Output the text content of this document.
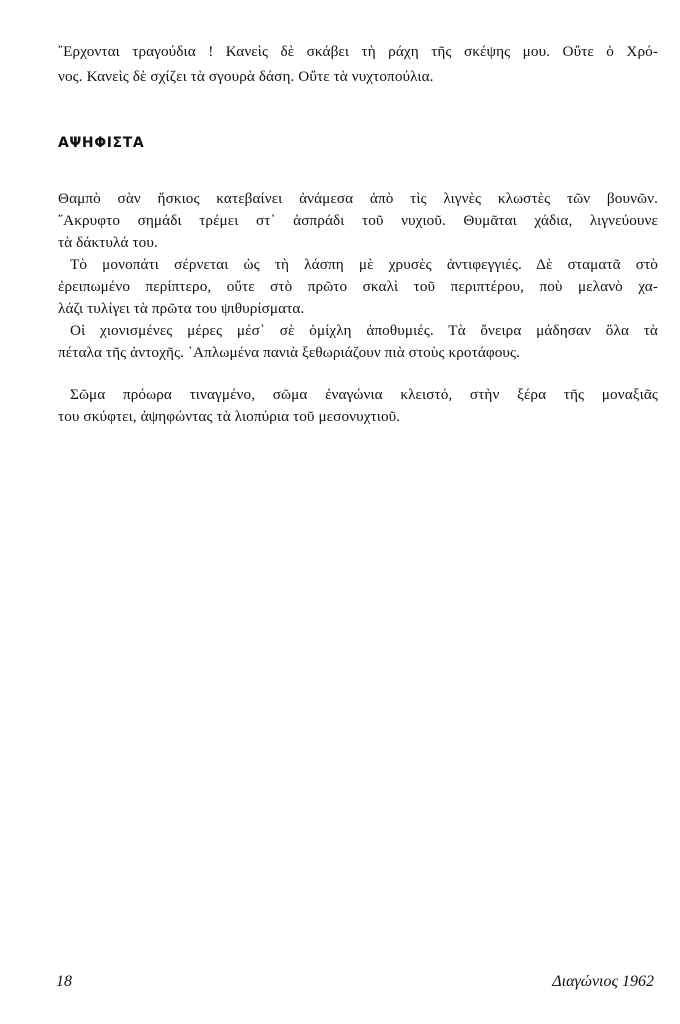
῎Ερχονται τραγούδια ! Κανεὶς δὲ σκάβει τὴ ράχη τῆς σκέψης μου. Οὔτε ὁ Χρό-
νος. Κανεὶς δὲ σχίζει τὰ σγουρὰ δάση. Οὔτε τὰ νυχτοπούλια.
ΑΨΗΦΙΣΤΑ
Θαμπὸ σὰν ἥσκιος κατεβαίνει ἀνάμεσα ἀπὸ τὶς λιγνὲς κλωστὲς τῶν βουνῶν.
῎Ακρυφτο σημάδι τρέμει στ᾽ ἀσπράδι τοῦ νυχιοῦ. Θυμᾶται χάδια, λιγνεύουνε
τὰ δάκτυλά του.
Τὸ μονοπάτι σέρνεται ὡς τὴ λάσπη μὲ χρυσὲς ἀντιφεγγιές. Δὲ σταματᾶ στὸ
ἐρειπωμένο περίπτερο, οὔτε στὸ πρῶτο σκαλὶ τοῦ περιπτέρου, ποὺ μελανὸ χα-
λάζι τυλίγει τὰ πρῶτα του ψιθυρίσματα.
Οἱ χιονισμένες μέρες μέσ᾽ σὲ ὁμίχλη ἀποθυμιές. Τὰ ὄνειρα μάδησαν ὅλα τὰ
πέταλα τῆς ἀντοχῆς. ῾Απλωμένα πανιὰ ξεθωριάζουν πιὰ στοὺς κροτάφους.
Σῶμα πρόωρα τιναγμένο, σῶμα ἐναγώνια κλειστό, στὴν ξέρα τῆς μοναξιᾶς
του σκύφτει, ἀψηφώντας τὰ λιοπύρια τοῦ μεσονυχτιοῦ.
18	Διαγώνιος 1962
